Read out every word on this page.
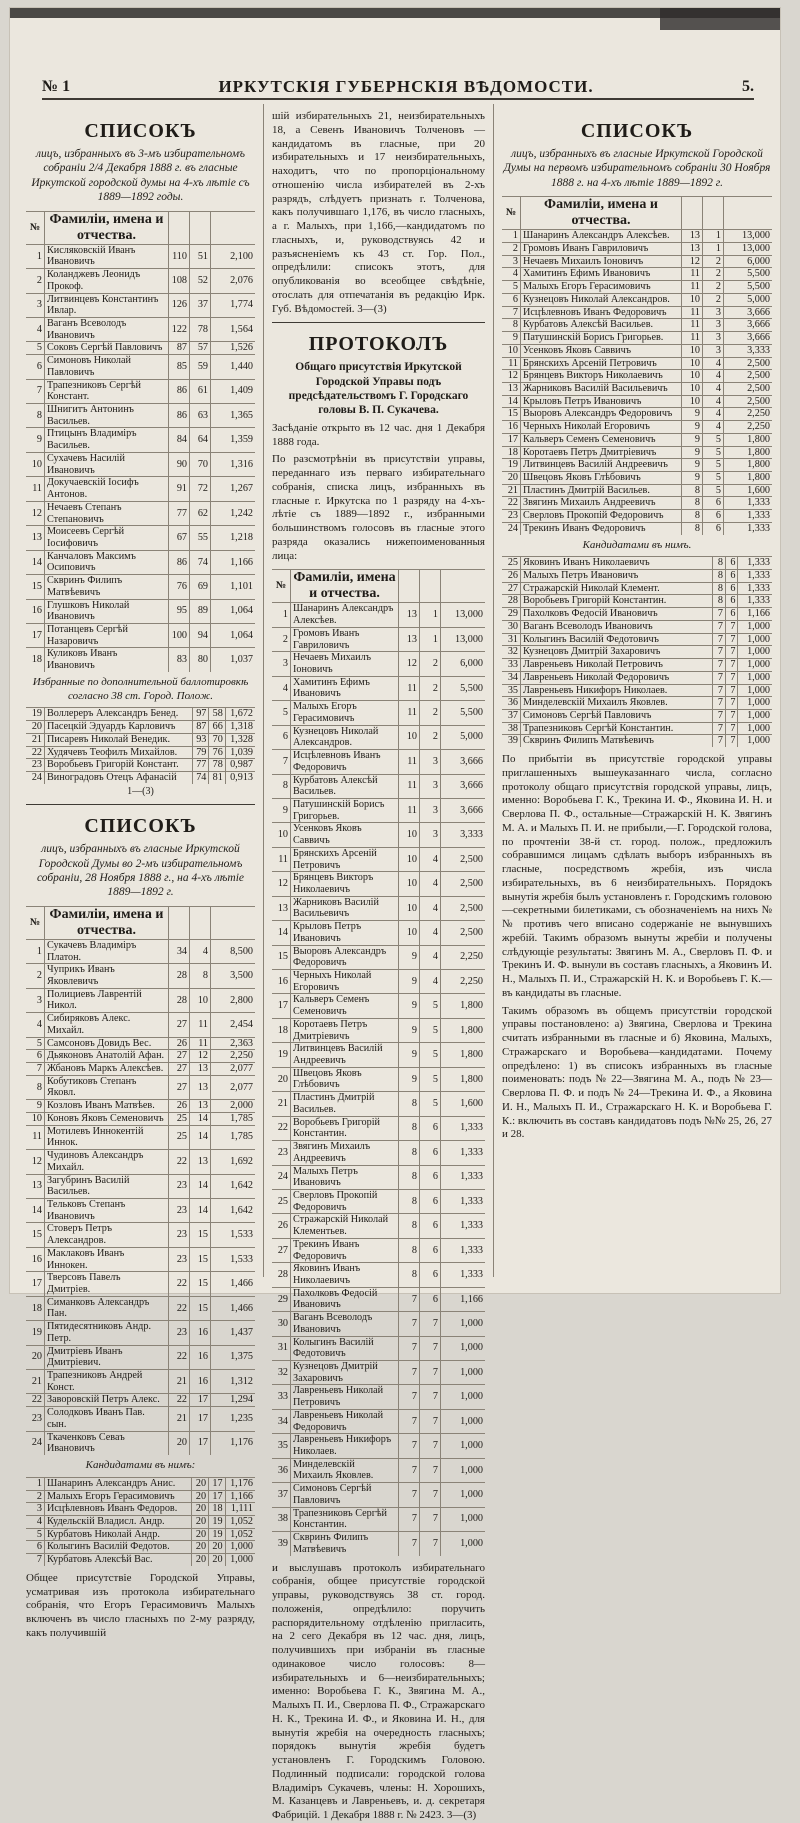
№ 1	ИРКУТСКІЯ ГУБЕРНСКІЯ ВѢДОМОСТИ.	5.
СПИСОКЪ
лицъ, избранныхъ въ 3-мъ избирательномъ собраніи 2/4 Декабря 1888 г. въ гласные Иркутской городской думы на 4-хъ лѣтіе съ 1889—1892 годы.
№	Фамиліи, имена и отчества.			
1	Кисляковскій Иванъ Ивановичъ	110	51	2,100
2	Коланджевъ Леонидъ Прокоф.	108	52	2,076
3	Литвинцевъ Константинъ Ивлар.	126	37	1,774
4	Ваганъ Всеволодъ Ивановичъ	122	78	1,564
5	Соковъ Сергѣй Павловичъ	87	57	1,526
6	Симоновъ Николай Павловичъ	85	59	1,440
7	Трапезниковъ Сергѣй Констант.	86	61	1,409
8	Шнигитъ Антонинъ Васильев.	86	63	1,365
9	Птицынъ Владиміръ Васильев.	84	64	1,359
10	Сухачевъ Насилій Ивановичъ	90	70	1,316
11	Докучаевскій Іосифъ Антонов.	91	72	1,267
12	Нечаевъ Степанъ Степановичъ	77	62	1,242
13	Моисеевъ Сергѣй Іосифовичъ	67	55	1,218
14	Канчаловъ Максимъ Осиповичъ	86	74	1,166
15	Сквринъ Филипъ Матвѣевичъ	76	69	1,101
16	Глушковъ Николай Ивановичъ	95	89	1,064
17	Потанцевъ Сергѣй Назаровичъ	100	94	1,064
18	Куликовъ Иванъ Ивановичъ	83	80	1,037
Избранные по дополнительной баллотировкѣ согласно 38 ст. Город. Полож.
19	Воллереръ Александръ Бенед.	97	58	1,672
20	Пасецкій Эдуардъ Карловичъ	87	66	1,318
21	Писаревъ Николай Венедик.	93	70	1,328
22	Худячевъ Теофилъ Михайлов.	79	76	1,039
23	Воробьевъ Григорій Констант.	77	78	0,987
24	Виноградовъ Отецъ Афанасій	74	81	0,913
1—(3)
СПИСОКЪ
лицъ, избранныхъ въ гласные Иркутской Городской Думы во 2-мъ избирательномъ собраніи, 28 Ноября 1888 г., на 4-хъ лѣтіе 1889—1892 г.
№	Фамиліи, имена и отчества.			
1	Сукачевъ Владиміръ Платон.	34	4	8,500
2	Чуприкъ Иванъ Яковлевичъ	28	8	3,500
3	Полициевъ Лаврентій Никол.	28	10	2,800
4	Сибиряковъ Алекс. Михайл.	27	11	2,454
5	Самсоновъ Довидъ Вес.	26	11	2,363
6	Дьяконовъ Анатолій Афан.	27	12	2,250
7	Жбановъ Маркъ Алексѣев.	27	13	2,077
8	Кобутиковъ Степанъ Яковл.	27	13	2,077
9	Козловъ Иванъ Матвѣев.	26	13	2,000
10	Коновъ Яковъ Семеновичъ	25	14	1,785
11	Мотилевъ Иннокентій Иннок.	25	14	1,785
12	Чудиновъ Александръ Михайл.	22	13	1,692
13	Загубринъ Василій Васильев.	23	14	1,642
14	Тельковъ Степанъ Ивановичъ	23	14	1,642
15	Стоверъ Петръ Александров.	23	15	1,533
16	Маклаковъ Иванъ Иннокен.	23	15	1,533
17	Тверсовъ Павелъ Дмитріев.	22	15	1,466
18	Симанковъ Александръ Пан.	22	15	1,466
19	Пятидесятниковъ Андр. Петр.	23	16	1,437
20	Дмитріевъ Иванъ Дмитріевич.	22	16	1,375
21	Трапезниковъ Андрей Конст.	21	16	1,312
22	Заворовскій Петръ Алекс.	22	17	1,294
23	Солодковъ Иванъ Пав. сын.	21	17	1,235
24	Ткаченковъ Севаъ Ивановичъ	20	17	1,176
Кандидатами въ нимъ:
1	Шанаринъ Александръ Анис.	20	17	1,176
2	Малыхъ Егоръ Герасимовичъ	20	17	1,166
3	Исцѣлевновъ Иванъ Федоров.	20	18	1,111
4	Кудельскій Владисл. Андр.	20	19	1,052
5	Курбатовъ Николай Андр.	20	19	1,052
6	Колыгинъ Василій Федотов.	20	20	1,000
7	Курбатовъ Алексѣй Вас.	20	20	1,000
Общее присутствіе Городской Управы, усматривая изъ протокола избирательнаго собранія, что Егоръ Герасимовичъ Малыхъ включенъ въ число гласныхъ по 2-му разряду, какъ получившій
шій избирательныхъ 21, неизбирательныхъ 18, а Севенъ Ивановичъ Толченовъ — кандидатомъ въ гласные, при 20 избирательныхъ и 17 неизбирательныхъ, находитъ, что по пропорціональному отношенію числа избирателей въ 2-хъ разрядъ, слѣдуетъ признать г. Толченова, какъ получившаго 1,176, въ число гласныхъ, а г. Малыхъ, при 1,166,—кандидатомъ по гласныхъ, и, руководствуясь 42 и разъясненіемъ къ 43 ст. Гор. Пол., опредѣлили: списокъ этотъ, для опубликованія во всеобщее свѣдѣніе, отослать для отпечатанія въ редакцію Ирк. Губ. Вѣдомостей. 3—(3)
ПРОТОКОЛЪ
Общаго присутствія Иркутской Городской Управы подъ предсѣдательствомъ Г. Городскаго головы В. П. Сукачева.
Засѣданіе открыто въ 12 час. дня 1 Декабря 1888 года.
По разсмотрѣніи въ присутствіи управы, переданнаго изъ перваго избирательнаго собранія, списка лицъ, избранныхъ въ гласные г. Иркутска по 1 разряду на 4-хъ-лѣтіе съ 1889—1892 г., избранными большинствомъ голосовъ въ гласные этого разряда оказались нижепоименованныя лица:
№	Фамиліи, имена и отчества.			
1	Шанаринъ Александръ Алексѣев.	13	1	13,000
2	Громовъ Иванъ Гавриловичъ	13	1	13,000
3	Нечаевъ Михаилъ Іоновичъ	12	2	6,000
4	Хамитинъ Ефимъ Ивановичъ	11	2	5,500
5	Малыхъ Егоръ Герасимовичъ	11	2	5,500
6	Кузнецовъ Николай Александров.	10	2	5,000
7	Исцѣлевновъ Иванъ Федоровичъ	11	3	3,666
8	Курбатовъ Алексѣй Васильев.	11	3	3,666
9	Патушинскій Борисъ Григорьев.	11	3	3,666
10	Усенковъ Яковъ Саввичъ	10	3	3,333
11	Брянскихъ Арсеній Петровичъ	10	4	2,500
12	Брянцевъ Викторъ Николаевичъ	10	4	2,500
13	Жарниковъ Василій Васильевичъ	10	4	2,500
14	Крыловъ Петръ Ивановичъ	10	4	2,500
15	Выоровъ Александръ Федоровичъ	9	4	2,250
16	Черныхъ Николай Егоровичъ	9	4	2,250
17	Кальверъ Семенъ Семеновичъ	9	5	1,800
18	Коротаевъ Петръ Дмитріевичъ	9	5	1,800
19	Литвинцевъ Василій Андреевичъ	9	5	1,800
20	Швецовъ Яковъ Глѣбовичъ	9	5	1,800
21	Пластинъ Дмитрій Васильев.	8	5	1,600
22	Воробьевъ Григорій Константин.	8	6	1,333
23	Звягинъ Михаилъ Андреевичъ	8	6	1,333
24	Малыхъ Петръ Ивановичъ	8	6	1,333
25	Сверловъ Прокопій Федоровичъ	8	6	1,333
26	Стражарскій Николай Клементьев.	8	6	1,333
27	Трекинъ Иванъ Федоровичъ	8	6	1,333
28	Яковинъ Иванъ Николаевичъ	8	6	1,333
29	Пахолковъ Федосій Ивановичъ	7	6	1,166
30	Ваганъ Всеволодъ Ивановичъ	7	7	1,000
31	Колыгинъ Василій Федотовичъ	7	7	1,000
32	Кузнецовъ Дмитрій Захаровичъ	7	7	1,000
33	Лавреньевъ Николай Петровичъ	7	7	1,000
34	Лавреньевъ Николай Федоровичъ	7	7	1,000
35	Лавреньевъ Никифоръ Николаев.	7	7	1,000
36	Минделевскій Михаилъ Яковлев.	7	7	1,000
37	Симоновъ Сергѣй Павловичъ	7	7	1,000
38	Трапезниковъ Сергѣй Константин.	7	7	1,000
39	Сквринъ Филипъ Матвѣевичъ	7	7	1,000
и выслушавъ протоколъ избирательнаго собранія, общее присутствіе городской управы, руководствуясь 38 ст. город. положенія, опредѣлило: поручить распорядительному отдѣленію пригласить, на 2 сего Декабря въ 12 час. дня, лицъ, получившихъ при избраніи въ гласные одинаковое число голосовъ: 8—избирательныхъ и 6—неизбирательныхъ; именно: Воробьева Г. К., Звягина М. А., Малыхъ П. И., Сверлова П. Ф., Стражарскаго Н. К., Трекина И. Ф., и Яковина И. Н., для вынутія жребія на очередность гласныхъ; порядокъ вынутія жребія будетъ установленъ Г. Городскимъ Головою. Подлинный подписали: городской голова Владиміръ Сукачевъ, члены: Н. Хорошихъ, М. Казанцевъ и Лавреньевъ, и. д. секретаря Фабрицій. 1 Декабря 1888 г. № 2423. 3—(3)
СПИСОКЪ
лицъ, избранныхъ въ гласные Иркутской Городской Думы на первомъ избирательномъ собраніи 30 Ноября 1888 г. на 4-хъ лѣтіе 1889—1892 г.
№	Фамиліи, имена и отчества.			
1	Шанаринъ Александръ Алексѣев.	13	1	13,000
2	Громовъ Иванъ Гавриловичъ	13	1	13,000
3	Нечаевъ Михаилъ Іоновичъ	12	2	6,000
4	Хамитинъ Ефимъ Ивановичъ	11	2	5,500
5	Малыхъ Егоръ Герасимовичъ	11	2	5,500
6	Кузнецовъ Николай Александров.	10	2	5,000
7	Исцѣлевновъ Иванъ Федоровичъ	11	3	3,666
8	Курбатовъ Алексѣй Васильев.	11	3	3,666
9	Патушинскій Борисъ Григорьев.	11	3	3,666
10	Усенковъ Яковъ Саввичъ	10	3	3,333
11	Брянскихъ Арсеній Петровичъ	10	4	2,500
12	Брянцевъ Викторъ Николаевичъ	10	4	2,500
13	Жарниковъ Василій Васильевичъ	10	4	2,500
14	Крыловъ Петръ Ивановичъ	10	4	2,500
15	Выоровъ Александръ Федоровичъ	9	4	2,250
16	Черныхъ Николай Егоровичъ	9	4	2,250
17	Кальверъ Семенъ Семеновичъ	9	5	1,800
18	Коротаевъ Петръ Дмитріевичъ	9	5	1,800
19	Литвинцевъ Василій Андреевичъ	9	5	1,800
20	Швецовъ Яковъ Глѣбовичъ	9	5	1,800
21	Пластинъ Дмитрій Васильев.	8	5	1,600
22	Звягинъ Михаилъ Андреевичъ	8	6	1,333
23	Сверловъ Прокопій Федоровичъ	8	6	1,333
24	Трекинъ Иванъ Федоровичъ	8	6	1,333
Кандидатами въ нимъ.
25	Яковинъ Иванъ Николаевичъ	8	6	1,333
26	Малыхъ Петръ Ивановичъ	8	6	1,333
27	Стражарскій Николай Клемент.	8	6	1,333
28	Воробьевъ Григорій Константин.	8	6	1,333
29	Пахолковъ Федосій Ивановичъ	7	6	1,166
30	Ваганъ Всеволодъ Ивановичъ	7	7	1,000
31	Колыгинъ Василій Федотовичъ	7	7	1,000
32	Кузнецовъ Дмитрій Захаровичъ	7	7	1,000
33	Лавреньевъ Николай Петровичъ	7	7	1,000
34	Лавреньевъ Николай Федоровичъ	7	7	1,000
35	Лавреньевъ Никифоръ Николаев.	7	7	1,000
36	Минделевскій Михаилъ Яковлев.	7	7	1,000
37	Симоновъ Сергѣй Павловичъ	7	7	1,000
38	Трапезниковъ Сергѣй Константин.	7	7	1,000
39	Сквринъ Филипъ Матвѣевичъ	7	7	1,000
По прибытіи въ присутствіе городской управы приглашенныхъ вышеуказаннаго числа, согласно протоколу общаго присутствія городской управы, лицъ, именно: Воробьева Г. К., Трекина И. Ф., Яковина И. Н. и Сверлова П. Ф., остальные—Стражарскій Н. К. Звягинъ М. А. и Малыхъ П. И. не прибыли,—Г. Городской голова, по прочтеніи 38-й ст. город. полож., предложилъ собравшимся лицамъ сдѣлать выборъ избранныхъ въ гласные, посредствомъ жребія, изъ числа избирательныхъ, въ 6 неизбирательныхъ. Порядокъ вынутія жребія былъ установленъ г. Городскимъ головою—секретными билетиками, съ обозначеніемъ на нихъ №№ противъ чего вписано содержаніе не вынувшихъ жребій. Такимъ образомъ вынуты жребіи и получены слѣдующіе результаты: Звягинъ М. А., Сверловъ П. Ф. и Трекинъ И. Ф. вынули въ составъ гласныхъ, а Яковинъ И. Н., Малыхъ П. И., Стражарскій Н. К. и Воробьевъ Г. К.—въ кандидаты въ гласные.
Такимъ образомъ въ общемъ присутствіи городской управы постановлено: а) Звягина, Сверлова и Трекина считать избранными въ гласные и б) Яковина, Малыхъ, Стражарскаго и Воробьева—кандидатами. Почему опредѣлено: 1) въ списокъ избранныхъ въ гласные поименовать: подъ № 22—Звягина М. А., подъ № 23—Сверлова П. Ф. и подъ № 24—Трекина И. Ф., а Яковина И. Н., Малыхъ П. И., Стражарскаго Н. К. и Воробьева Г. К.: включить въ составъ кандидатовъ подъ №№ 25, 26, 27 и 28.
